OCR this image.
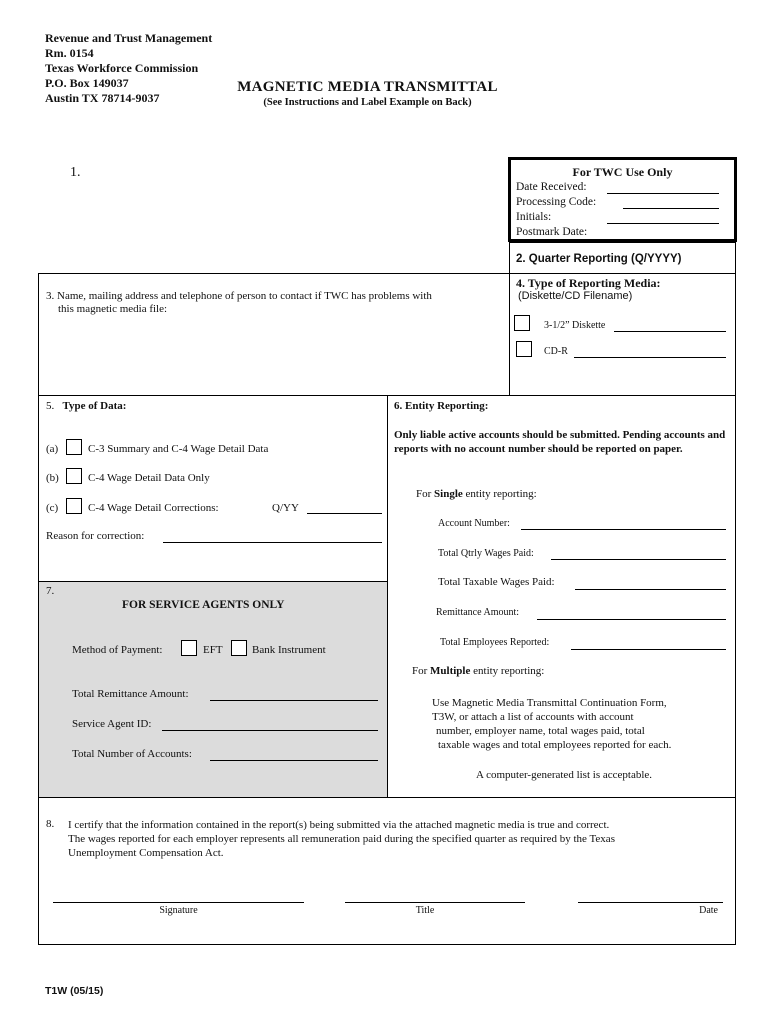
Revenue and Trust Management
Rm. 0154
Texas Workforce Commission
P.O. Box 149037
Austin TX 78714-9037
MAGNETIC MEDIA TRANSMITTAL
(See Instructions and Label Example on Back)
1.	For TWC Use Only
Date Received:
Processing Code:
Initials:
Postmark Date:
2. Quarter Reporting (Q/YYYY)
3. Name, mailing address and telephone of person to contact if TWC has problems with
this magnetic media file:
4. Type of Reporting Media:
(Diskette/CD Filename)
3-1/2” Diskette
CD-R
5. Type of Data:
(a)	C-3 Summary and C-4 Wage Detail Data
(b)	C-4 Wage Detail Data Only
(c)	C-4 Wage Detail Corrections:	Q/YY
Reason for correction:
7.
FOR SERVICE AGENTS ONLY
Method of Payment:	EFT	Bank Instrument
Total Remittance Amount:
Service Agent ID:
Total Number of Accounts:
6. Entity Reporting:
Only liable active accounts should be submitted. Pending accounts and reports with no account number should be reported on paper.
For Single entity reporting:
Account Number:
Total Qtrly Wages Paid:
Total Taxable Wages Paid:
Remittance Amount:
Total Employees Reported:
For Multiple entity reporting:
Use Magnetic Media Transmittal Continuation Form,
T3W, or attach a list of accounts with account
number, employer name, total wages paid, total
taxable wages and total employees reported for each.
A computer-generated list is acceptable.
8. I certify that the information contained in the report(s) being submitted via the attached magnetic media is true and correct.
The wages reported for each employer represents all remuneration paid during the specified quarter as required by the Texas
Unemployment Compensation Act.
Signature	Title	Date
T1W (05/15)
